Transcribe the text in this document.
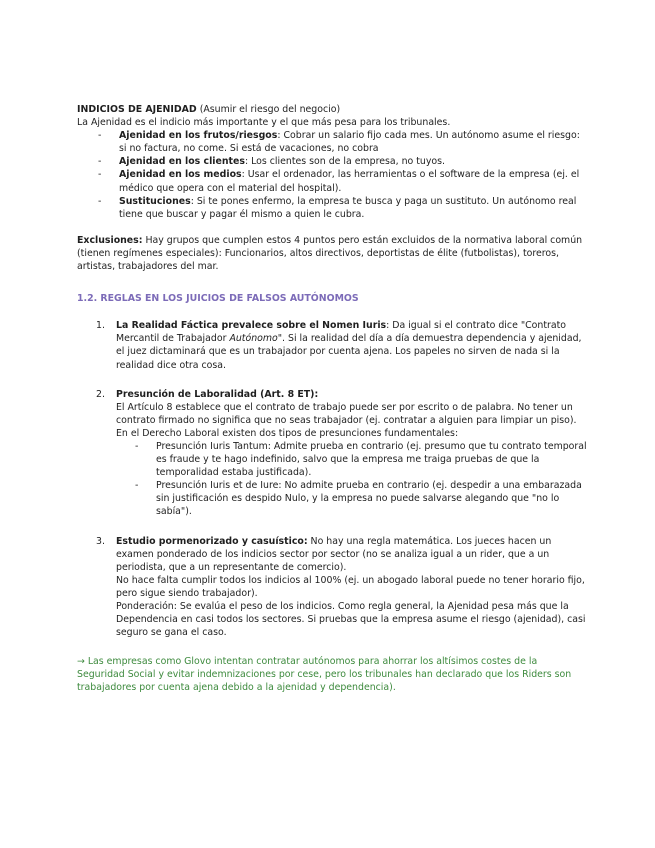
INDICIOS DE AJENIDAD (Asumir el riesgo del negocio)

La Ajenidad es el indicio más importante y el que más pesa para los tribunales.

- Ajenidad en los frutos/riesgos: Cobrar un salario fijo cada mes. Un autónomo asume el riesgo: si no factura, no come. Si está de vacaciones, no cobra
- Ajenidad en los clientes: Los clientes son de la empresa, no tuyos.
- Ajenidad en los medios: Usar el ordenador, las herramientas o el software de la empresa (ej. el médico que opera con el material del hospital).
- Sustituciones: Si te pones enfermo, la empresa te busca y paga un sustituto. Un autónomo real tiene que buscar y pagar él mismo a quien le cubra.

Exclusiones: Hay grupos que cumplen estos 4 puntos pero están excluidos de la normativa laboral común (tienen regímenes especiales): Funcionarios, altos directivos, deportistas de élite (futbolistas), toreros, artistas, trabajadores del mar.

1.2. REGLAS EN LOS JUICIOS DE FALSOS AUTÓNOMOS

1. La Realidad Fáctica prevalece sobre el Nomen Iuris: Da igual si el contrato dice "Contrato Mercantil de Trabajador Autónomo". Si la realidad del día a día demuestra dependencia y ajenidad, el juez dictaminará que es un trabajador por cuenta ajena. Los papeles no sirven de nada si la realidad dice otra cosa.

2. Presunción de Laboralidad (Art. 8 ET):

El Artículo 8 establece que el contrato de trabajo puede ser por escrito o de palabra. No tener un contrato firmado no significa que no seas trabajador (ej. contratar a alguien para limpiar un piso).

En el Derecho Laboral existen dos tipos de presunciones fundamentales:

- Presunción Iuris Tantum: Admite prueba en contrario (ej. presumo que tu contrato temporal es fraude y te hago indefinido, salvo que la empresa me traiga pruebas de que la temporalidad estaba justificada).
- Presunción Iuris et de Iure: No admite prueba en contrario (ej. despedir a una embarazada sin justificación es despido Nulo, y la empresa no puede salvarse alegando que "no lo sabía").
3. Estudio pormenorizado y casuístico: No hay una regla matemática. Los jueces hacen un examen ponderado de los indicios sector por sector (no se analiza igual a un rider, que a un periodista, que a un representante de comercio).

No hace falta cumplir todos los indicios al 100% (ej. un abogado laboral puede no tener horario fijo, pero sigue siendo trabajador).

Ponderación: Se evalúa el peso de los indicios. Como regla general, la Ajenidad pesa más que la Dependencia en casi todos los sectores. Si pruebas que la empresa asume el riesgo (ajenidad), casi seguro se gana el caso.

→ Las empresas como Glovo intentan contratar autónomos para ahorrar los altísimos costes de la Seguridad Social y evitar indemnizaciones por cese, pero los tribunales han declarado que los Riders son trabajadores por cuenta ajena debido a la ajenidad y dependencia).
